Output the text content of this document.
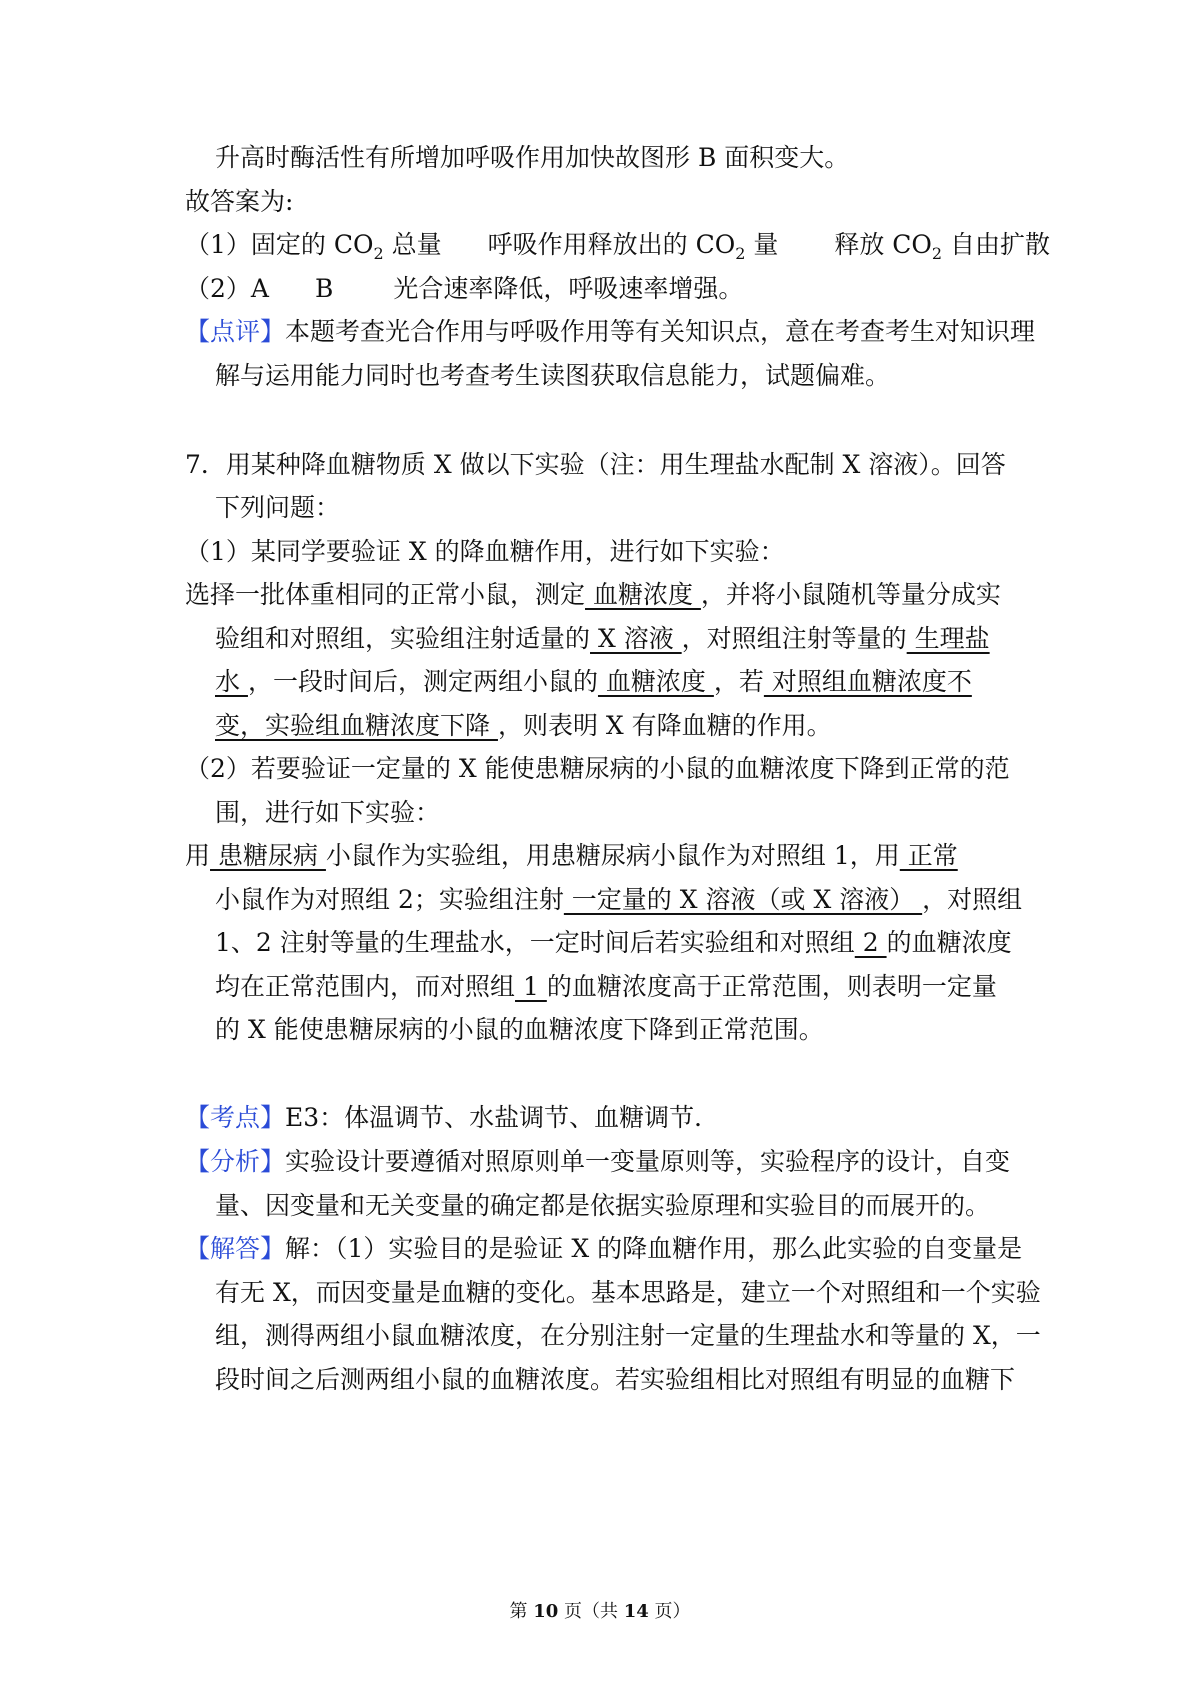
升高时酶活性有所增加呼吸作用加快故图形 B 面积变大。
故答案为:
（1）固定的 $CO_2$ 总量 呼吸作用释放出的 $CO_2$ 量 释放 $CO_2$ 自由扩散
（2）A B 光合速率降低，呼吸速率增强。
【点评】本题考查光合作用与呼吸作用等有关知识点，意在考查考生对知识理
解与运用能力同时也考查考生读图获取信息能力，试题偏难。
7．用某种降血糖物质 X 做以下实验（注：用生理盐水配制 X 溶液）。回答
下列问题：
（1）某同学要验证 X 的降血糖作用，进行如下实验：
选择一批体重相同的正常小鼠，测定 血糖浓度 ，并将小鼠随机等量分成实
验组和对照组，实验组注射适量的 X 溶液 ，对照组注射等量的 生理盐
水 ，一段时间后，测定两组小鼠的 血糖浓度 ，若 对照组血糖浓度不
变，实验组血糖浓度下降 ，则表明 X 有降血糖的作用。
（2）若要验证一定量的 X 能使患糖尿病的小鼠的血糖浓度下降到正常的范
围，进行如下实验：
用 患糖尿病 小鼠作为实验组，用患糖尿病小鼠作为对照组 1，用 正常
小鼠作为对照组 2；实验组注射 一定量的 X 溶液（或 X 溶液） ，对照组
1、2 注射等量的生理盐水，一定时间后若实验组和对照组 2 的血糖浓度
均在正常范围内，而对照组 1 的血糖浓度高于正常范围，则表明一定量
的 X 能使患糖尿病的小鼠的血糖浓度下降到正常范围。
【考点】E3：体温调节、水盐调节、血糖调节．
【分析】实验设计要遵循对照原则单一变量原则等，实验程序的设计，自变
量、因变量和无关变量的确定都是依据实验原理和实验目的而展开的。
【解答】解：（1）实验目的是验证 X 的降血糖作用，那么此实验的自变量是
有无 X，而因变量是血糖的变化。基本思路是，建立一个对照组和一个实验
组，测得两组小鼠血糖浓度，在分别注射一定量的生理盐水和等量的 X，一
段时间之后测两组小鼠的血糖浓度。若实验组相比对照组有明显的血糖下
第 10 页（共 14 页）
